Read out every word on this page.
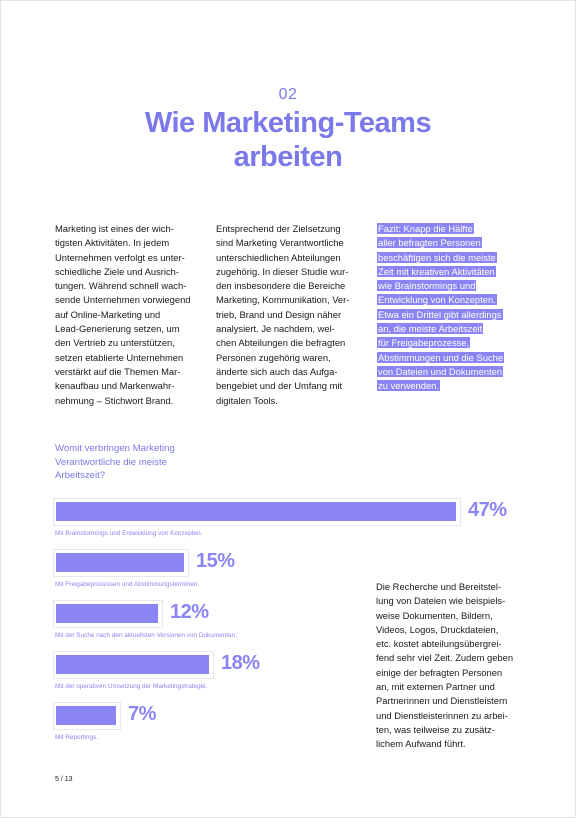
02
Wie Marketing-Teams
arbeiten

Marketing ist eines der wich-
tigsten Aktivitäten. In jedem
Unternehmen verfolgt es unter-
schiedliche Ziele und Ausrich-
tungen. Während schnell wach-
sende Unternehmen vorwiegend
auf Online-Marketing und
Lead-Generierung setzen, um
den Vertrieb zu unterstützen,
setzen etablierte Unternehmen
verstärkt auf die Themen Mar-
kenaufbau und Markenwahr-
nehmung – Stichwort Brand.

Entsprechend der Zielsetzung
sind Marketing Verantwortliche
unterschiedlichen Abteilungen
zugehörig. In dieser Studie wur-
den insbesondere die Bereiche
Marketing, Kommunikation, Ver-
trieb, Brand und Design näher
analysiert. Je nachdem, wel-
chen Abteilungen die befragten
Personen zugehörig waren,
änderte sich auch das Aufga-
bengebiet und der Umfang mit
digitalen Tools.

Fazit: Knapp die Hälfte
aller befragten Personen
beschäftigen sich die meiste
Zeit mit kreativen Aktivitäten
wie Brainstormings und
Entwicklung von Konzepten.
Etwa ein Drittel gibt allerdings
an, die meiste Arbeitszeit
für Freigabeprozesse,
Abstimmungen und die Suche
von Dateien und Dokumenten
zu verwenden.
Womit verbringen Marketing
Verantwortliche die meiste
Arbeitszeit?
47%
Mit Brainstormings und Entwicklung von Konzepten.
15%
Mit Freigabeprozessen und Abstimmungsterminen.
12%
Mit der Suche nach den aktuellsten Versionen von Dokumenten.
18%
Mit der operativen Umsetzung der Marketingstrategie.
7%
Mit Reportings.

Die Recherche und Bereitstel-
lung von Dateien wie beispiels-
weise Dokumenten, Bildern,
Videos, Logos, Druckdateien,
etc. kostet abteilungsübergrei-
fend sehr viel Zeit. Zudem geben
einige der befragten Personen
an, mit externen Partner und
Partnerinnen und Dienstleistern
und Dienstleisterinnen zu arbei-
ten, was teilweise zu zusätz-
lichem Aufwand führt.

5 / 13
